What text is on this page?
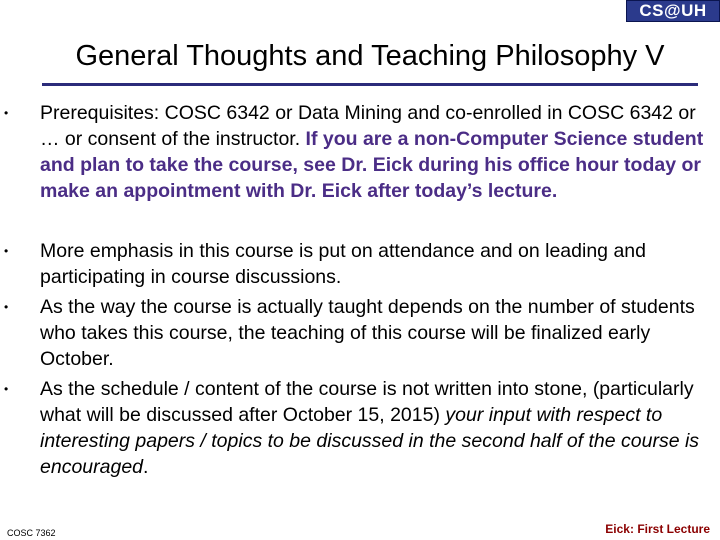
CS@UH
General Thoughts and Teaching Philosophy V
• Prerequisites: COSC 6342 or Data Mining and co-enrolled in COSC 6342 or … or consent of the instructor. If you are a non-Computer Science student and plan to take the course, see Dr. Eick during his office hour today or make an appointment with Dr. Eick after today’s lecture.
• More emphasis in this course is put on attendance and on leading and participating in course discussions.
• As the way the course is actually taught depends on the number of students who takes this course, the teaching of this course will be finalized early October.
• As the schedule / content of the course is not written into stone, (particularly what will be discussed after October 15, 2015) your input with respect to interesting papers / topics to be discussed in the second half of the course is encouraged.
COSC 7362	Eick: First Lecture
